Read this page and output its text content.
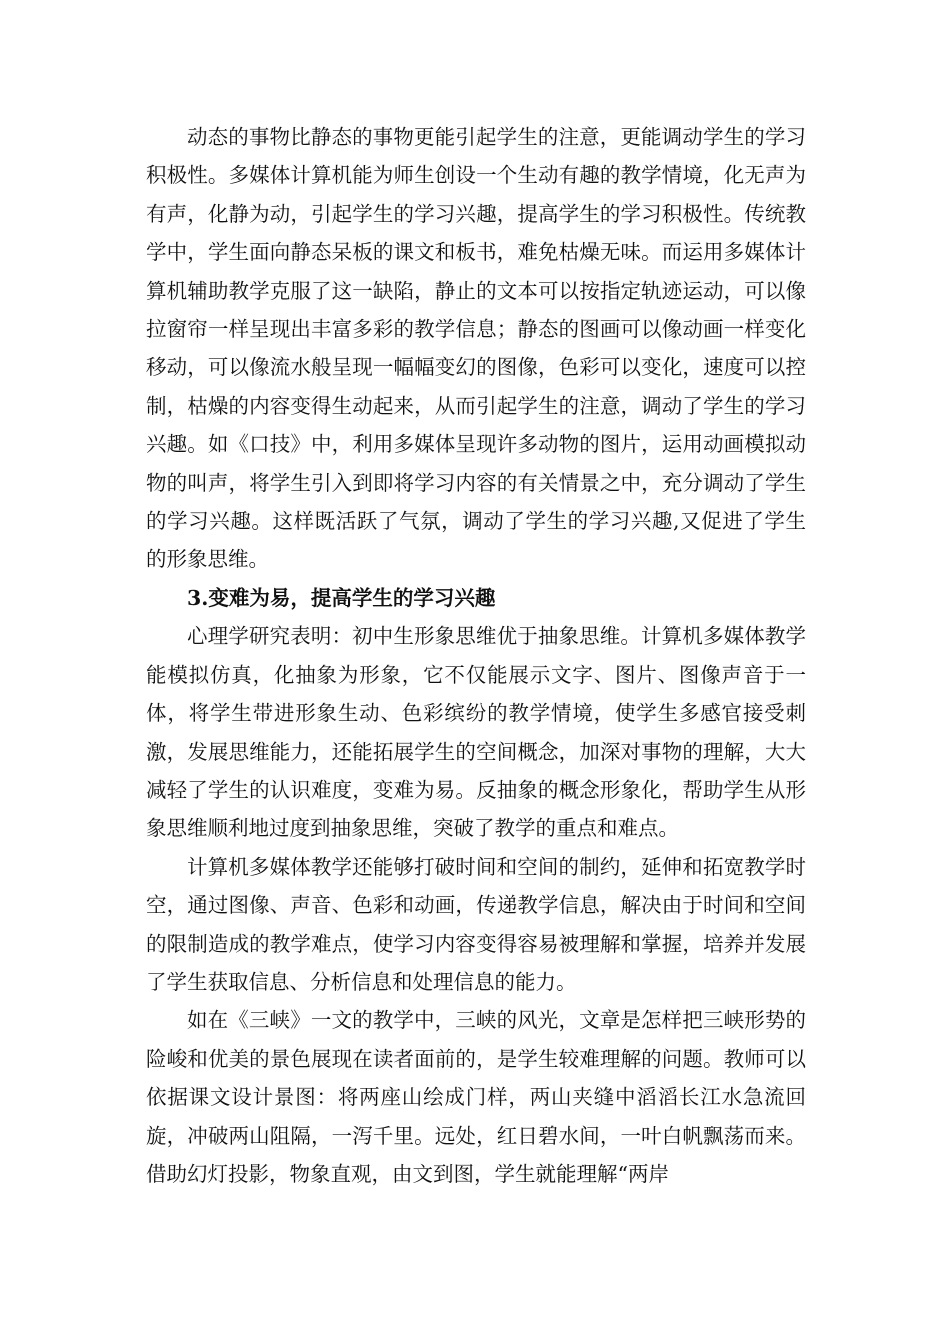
动态的事物比静态的事物更能引起学生的注意，更能调动学生的学习积极性。多媒体计算机能为师生创设一个生动有趣的教学情境，化无声为有声，化静为动，引起学生的学习兴趣，提高学生的学习积极性。传统教学中，学生面向静态呆板的课文和板书，难免枯燥无味。而运用多媒体计算机辅助教学克服了这一缺陷，静止的文本可以按指定轨迹运动，可以像拉窗帘一样呈现出丰富多彩的教学信息；静态的图画可以像动画一样变化移动，可以像流水般呈现一幅幅变幻的图像，色彩可以变化，速度可以控制，枯燥的内容变得生动起来，从而引起学生的注意，调动了学生的学习兴趣。如《口技》中，利用多媒体呈现许多动物的图片，运用动画模拟动物的叫声，将学生引入到即将学习内容的有关情景之中，充分调动了学生的学习兴趣。这样既活跃了气氛，调动了学生的学习兴趣,又促进了学生的形象思维。

3.变难为易，提高学生的学习兴趣

心理学研究表明：初中生形象思维优于抽象思维。计算机多媒体教学能模拟仿真，化抽象为形象，它不仅能展示文字、图片、图像声音于一体，将学生带进形象生动、色彩缤纷的教学情境，使学生多感官接受刺激，发展思维能力，还能拓展学生的空间概念，加深对事物的理解，大大减轻了学生的认识难度，变难为易。反抽象的概念形象化，帮助学生从形象思维顺利地过度到抽象思维，突破了教学的重点和难点。

计算机多媒体教学还能够打破时间和空间的制约，延伸和拓宽教学时空，通过图像、声音、色彩和动画，传递教学信息，解决由于时间和空间的限制造成的教学难点，使学习内容变得容易被理解和掌握，培养并发展了学生获取信息、分析信息和处理信息的能力。

如在《三峡》一文的教学中，三峡的风光，文章是怎样把三峡形势的险峻和优美的景色展现在读者面前的，是学生较难理解的问题。教师可以依据课文设计景图：将两座山绘成门样，两山夹缝中滔滔长江水急流回旋，冲破两山阻隔，一泻千里。远处，红日碧水间，一叶白帆飘荡而来。借助幻灯投影，物象直观，由文到图，学生就能理解“两岸
